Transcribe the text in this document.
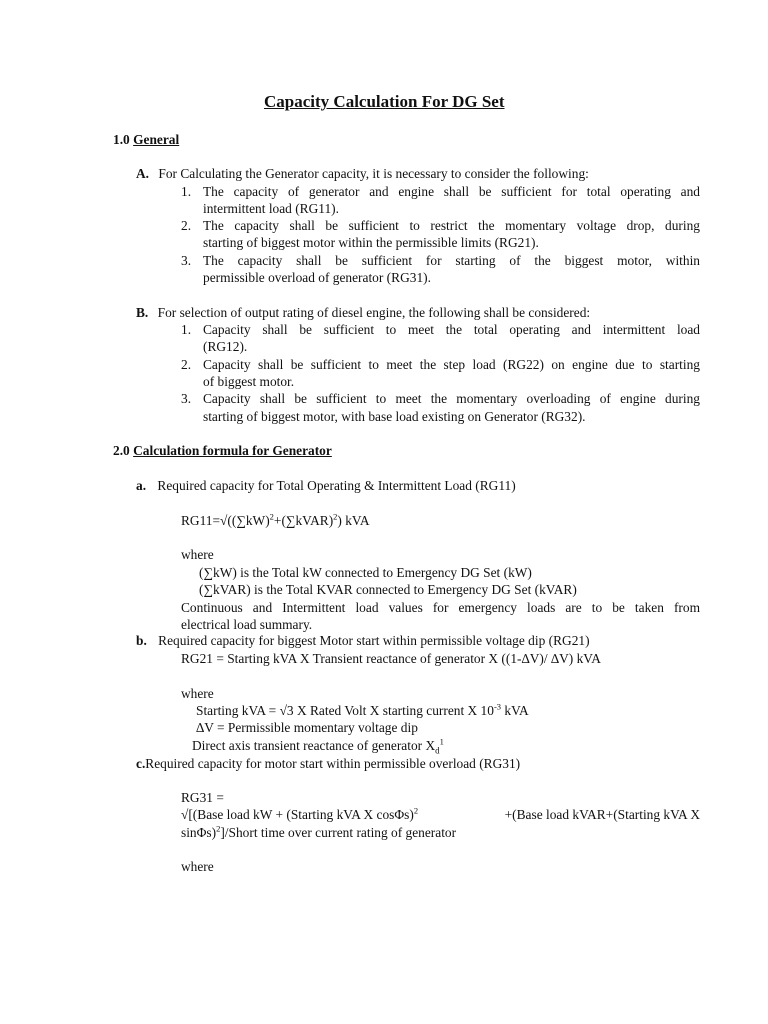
Capacity Calculation For DG Set
1.0 General
A. For Calculating the Generator capacity, it is necessary to consider the following:
1. The capacity of generator and engine shall be sufficient for total operating and
intermittent load (RG11).
2. The capacity shall be sufficient to restrict the momentary voltage drop, during
starting of biggest motor within the permissible limits (RG21).
3. The capacity shall be sufficient for starting of the biggest motor, within
permissible overload of generator (RG31).
B. For selection of output rating of diesel engine, the following shall be considered:
1. Capacity shall be sufficient to meet the total operating and intermittent load
(RG12).
2. Capacity shall be sufficient to meet the step load (RG22) on engine due to starting
of biggest motor.
3. Capacity shall be sufficient to meet the momentary overloading of engine during
starting of biggest motor, with base load existing on Generator (RG32).
2.0 Calculation formula for Generator
a. Required capacity for Total Operating & Intermittent Load (RG11)
$RG11=√((\sum kW)^2+(\sum kVAR)^2)$ kVA
where
(∑kW) is the Total kW connected to Emergency DG Set (kW)
(∑kVAR) is the Total KVAR connected to Emergency DG Set (kVAR)
Continuous and Intermittent load values for emergency loads are to be taken from
electrical load summary.
b. Required capacity for biggest Motor start within permissible voltage dip (RG21)
RG21 = Starting kVA X Transient reactance of generator X ((1-∆V)/ ∆V) kVA
where
Starting kVA = √3 X Rated Volt X starting current X $10^{-3}$ kVA
∆V = Permissible momentary voltage dip
Direct axis transient reactance of generator $X_d^1$
c.Required capacity for motor start within permissible overload (RG31)
RG31 =
√[(Base load kW + (Starting kVA X cosΦs)$^2$	+(Base load kVAR+(Starting kVA X
sinΦs)$^2$]/Short time over current rating of generator
where
